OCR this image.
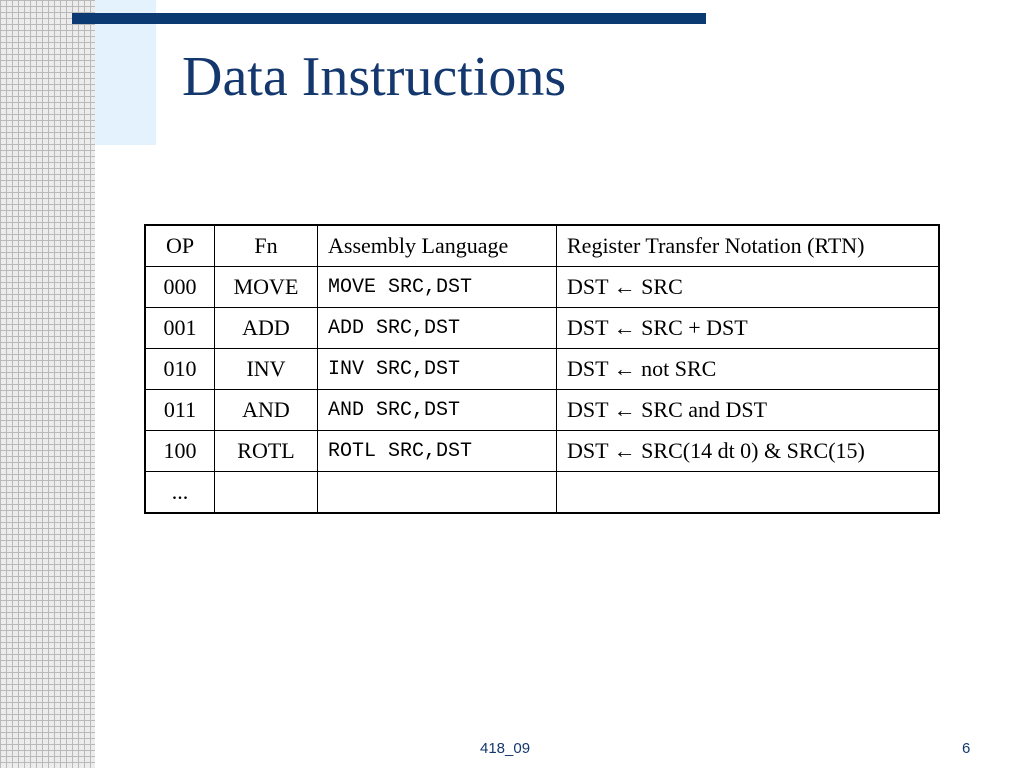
Data Instructions
OP	Fn	Assembly Language	Register Transfer Notation (RTN)
000	MOVE	MOVE SRC,DST	DST ← SRC
001	ADD	ADD SRC,DST	DST ← SRC + DST
010	INV	INV SRC,DST	DST ← not SRC
011	AND	AND SRC,DST	DST ← SRC and DST
100	ROTL	ROTL SRC,DST	DST ← SRC(14 dt 0) & SRC(15)
...			
418_09	6
